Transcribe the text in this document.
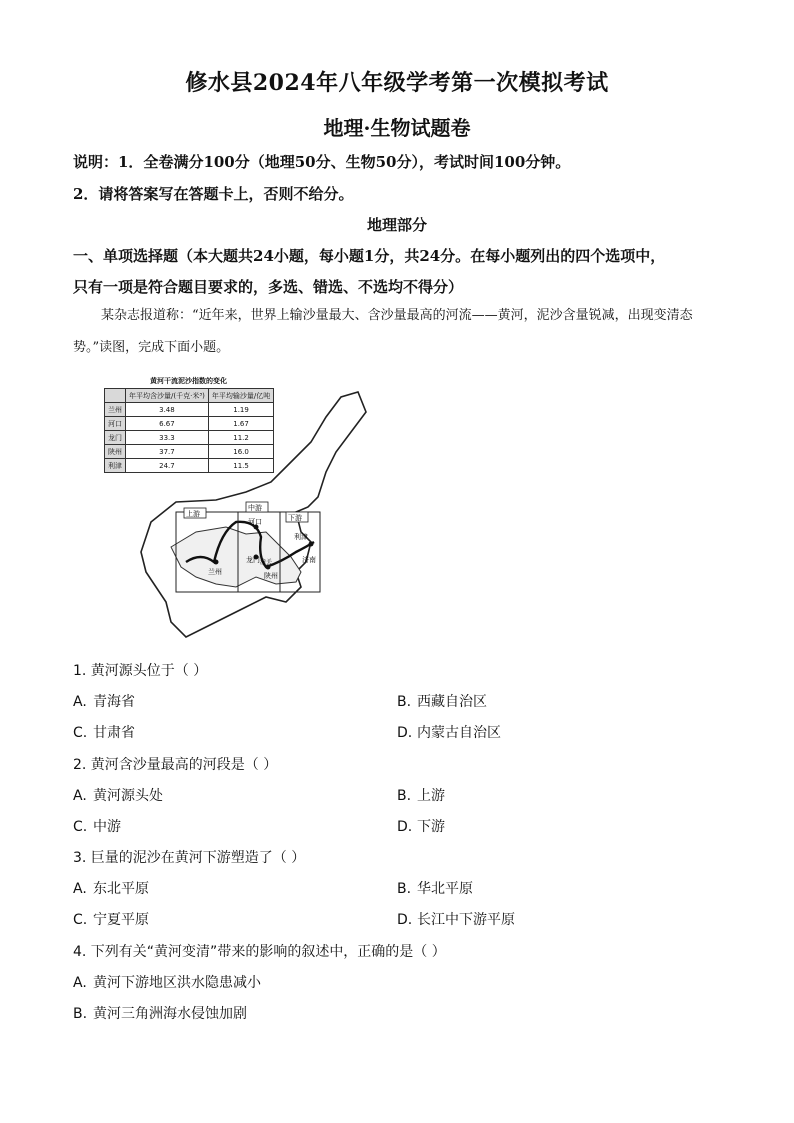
修水县2024年八年级学考第一次模拟考试
地理·生物试题卷
说明：1．全卷满分100分（地理50分、生物50分），考试时间100分钟。
2．请将答案写在答题卡上，否则不给分。
地理部分
一、单项选择题（本大题共24小题，每小题1分，共24分。在每小题列出的四个选项中，
只有一项是符合题目要求的，多选、错选、不选均不得分）
某杂志报道称：“近年来，世界上输沙量最大、含沙量最高的河流——黄河，泥沙含量锐减，出现变清态势。”读图，完成下面小题。
上游
中游
下游
兰州
河口
龙门 潼关
陕州
利津
济南
黄河干流泥沙指数的变化
	年平均含沙量/(千克·米³)	年平均输沙量/亿吨
兰州	3.48	1.19
河口	6.67	1.67
龙门	33.3	11.2
陕州	37.7	16.0
利津	24.7	11.5
1. 黄河源头位于（ ）
A. 青海省	B. 西藏自治区
C. 甘肃省	D. 内蒙古自治区
2. 黄河含沙量最高的河段是（ ）
A. 黄河源头处	B. 上游
C. 中游	D. 下游
3. 巨量的泥沙在黄河下游塑造了（ ）
A. 东北平原	B. 华北平原
C. 宁夏平原	D. 长江中下游平原
4. 下列有关“黄河变清”带来的影响的叙述中，正确的是（ ）
A. 黄河下游地区洪水隐患减小
B. 黄河三角洲海水侵蚀加剧
